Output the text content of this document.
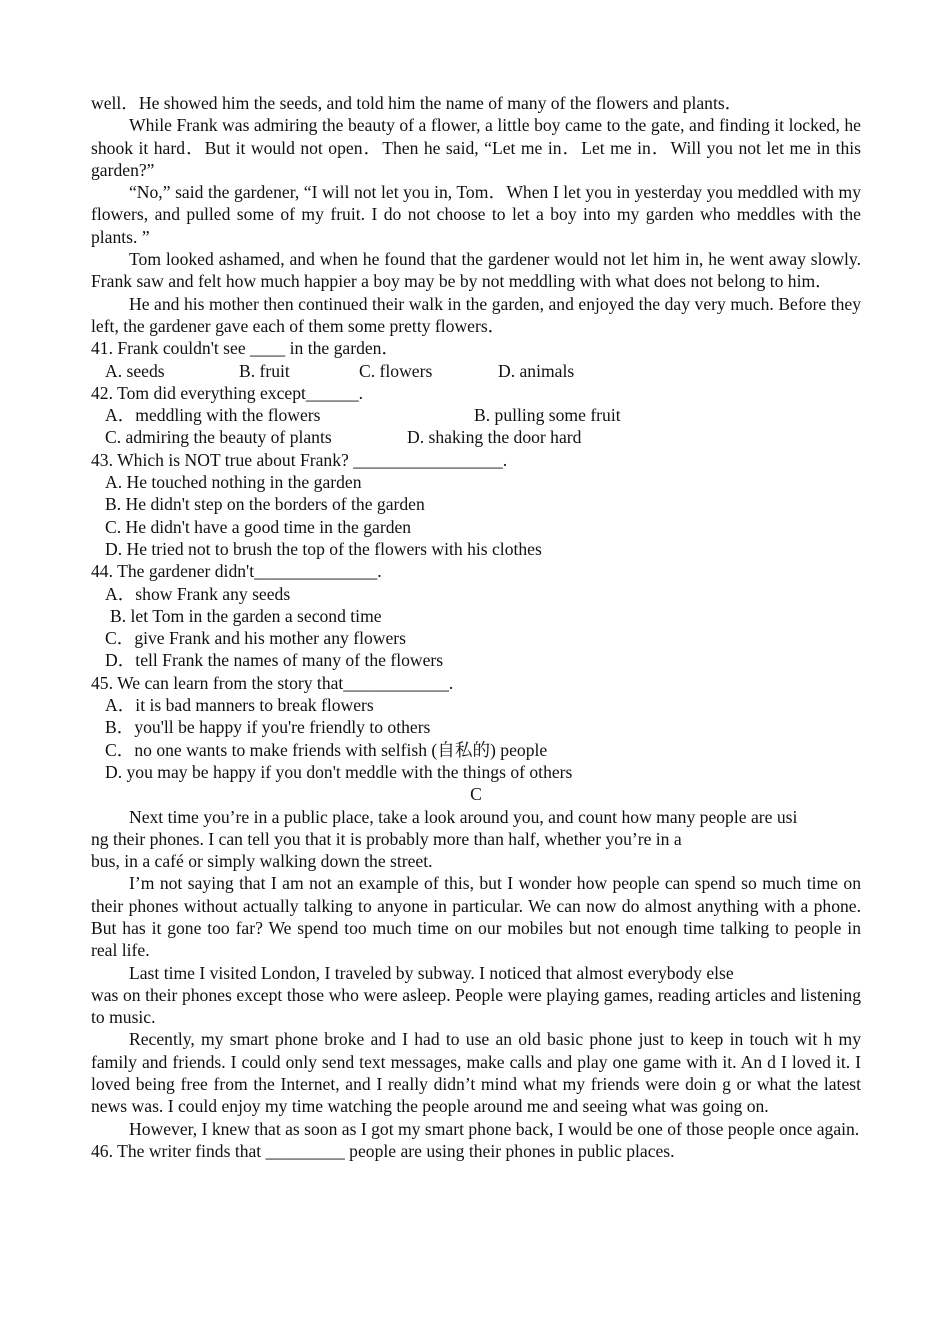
well．He showed him the seeds, and told him the name of many of the flowers and plants．

While Frank was admiring the beauty of a flower, a little boy came to the gate, and finding it locked, he shook it hard．But it would not open．Then he said, “Let me in．Let me in．Will you not let me in this garden?”

“No,” said the gardener, “I will not let you in, Tom．When I let you in yesterday you meddled with my flowers, and pulled some of my fruit. I do not choose to let a boy into my garden who meddles with the plants. ”

Tom looked ashamed, and when he found that the gardener would not let him in, he went away slowly. Frank saw and felt how much happier a boy may be by not meddling with what does not belong to him．

He and his mother then continued their walk in the garden, and enjoyed the day very much. Before they left, the gardener gave each of them some pretty flowers．

41. Frank couldn't see ____ in the garden．

A. seeds	B. fruit	C. flowers	D. animals

42. Tom did everything except______.

A．meddling with the flowers	B. pulling some fruit
C. admiring the beauty of plants	D. shaking the door hard

43. Which is NOT true about Frank? _________________.

A. He touched nothing in the garden

B. He didn't step on the borders of the garden

C. He didn't have a good time in the garden

D. He tried not to brush the top of the flowers with his clothes

44. The gardener didn't______________.

A．show Frank any seeds

B. let Tom in the garden a second time

C．give Frank and his mother any flowers

D．tell Frank the names of many of the flowers

45. We can learn from the story that____________.

A．it is bad manners to break flowers

B．you'll be happy if you're friendly to others

C．no one wants to make friends with selfish (自私的) people

D. you may be happy if you don't meddle with the things of others

C

Next time you’re in a public place, take a look around you, and count how many people are usi

ng their phones. I can tell you that it is probably more than half, whether you’re in a

bus, in a café or simply walking down the street.

I’m not saying that I am not an example of this, but I wonder how people can spend so much time on their phones without actually talking to anyone in particular. We can now do almost anything with a phone. But has it gone too far? We spend too much time on our mobiles but not enough time talking to people in real life.

Last time I visited London, I traveled by subway. I noticed that almost everybody else

was on their phones except those who were asleep. People were playing games, reading articles and listening to music.

Recently, my smart phone broke and I had to use an old basic phone just to keep in touch wit h my family and friends. I could only send text messages, make calls and play one game with it. An d I loved it. I loved being free from the Internet, and I really didn’t mind what my friends were doin g or what the latest news was. I could enjoy my time watching the people around me and seeing what was going on.

However, I knew that as soon as I got my smart phone back, I would be one of those people once again.

46. The writer finds that _________ people are using their phones in public places.
